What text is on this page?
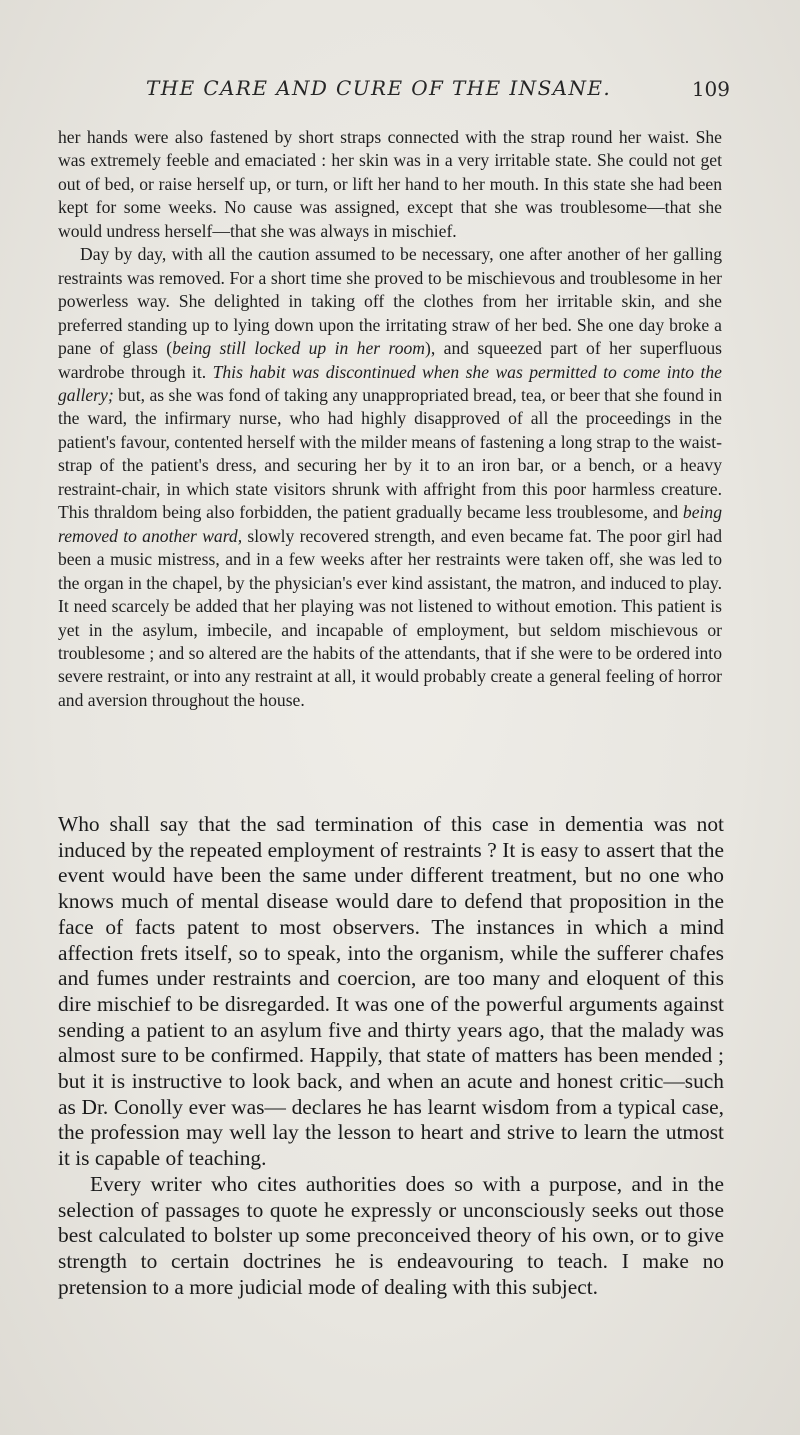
THE CARE AND CURE OF THE INSANE.	109

her hands were also fastened by short straps connected with the strap round her waist. She was extremely feeble and emaciated : her skin was in a very irritable state. She could not get out of bed, or raise herself up, or turn, or lift her hand to her mouth. In this state she had been kept for some weeks. No cause was assigned, except that she was troublesome—that she would undress herself—that she was always in mischief.

Day by day, with all the caution assumed to be necessary, one after another of her galling restraints was removed. For a short time she proved to be mischievous and troublesome in her powerless way. She delighted in taking off the clothes from her irritable skin, and she preferred standing up to lying down upon the irritating straw of her bed. She one day broke a pane of glass (being still locked up in her room), and squeezed part of her superfluous wardrobe through it. This habit was discontinued when she was permitted to come into the gallery; but, as she was fond of taking any unappropriated bread, tea, or beer that she found in the ward, the infirmary nurse, who had highly disapproved of all the proceedings in the patient's favour, contented herself with the milder means of fastening a long strap to the waist-strap of the patient's dress, and securing her by it to an iron bar, or a bench, or a heavy restraint-chair, in which state visitors shrunk with affright from this poor harmless creature. This thraldom being also forbidden, the patient gradually became less troublesome, and being removed to another ward, slowly recovered strength, and even became fat. The poor girl had been a music mistress, and in a few weeks after her restraints were taken off, she was led to the organ in the chapel, by the physician's ever kind assistant, the matron, and induced to play. It need scarcely be added that her playing was not listened to without emotion. This patient is yet in the asylum, imbecile, and incapable of employment, but seldom mischievous or troublesome ; and so altered are the habits of the attendants, that if she were to be ordered into severe restraint, or into any restraint at all, it would probably create a general feeling of horror and aversion throughout the house.

Who shall say that the sad termination of this case in dementia was not induced by the repeated employment of restraints ? It is easy to assert that the event would have been the same under different treatment, but no one who knows much of mental disease would dare to defend that proposition in the face of facts patent to most observers. The instances in which a mind affection frets itself, so to speak, into the organism, while the sufferer chafes and fumes under restraints and coercion, are too many and eloquent of this dire mischief to be disregarded. It was one of the powerful arguments against sending a patient to an asylum five and thirty years ago, that the malady was almost sure to be confirmed. Happily, that state of matters has been mended ; but it is instructive to look back, and when an acute and honest critic—such as Dr. Conolly ever was— declares he has learnt wisdom from a typical case, the profession may well lay the lesson to heart and strive to learn the utmost it is capable of teaching.

Every writer who cites authorities does so with a purpose, and in the selection of passages to quote he expressly or unconsciously seeks out those best calculated to bolster up some preconceived theory of his own, or to give strength to certain doctrines he is endeavouring to teach. I make no pretension to a more judicial mode of dealing with this subject.
